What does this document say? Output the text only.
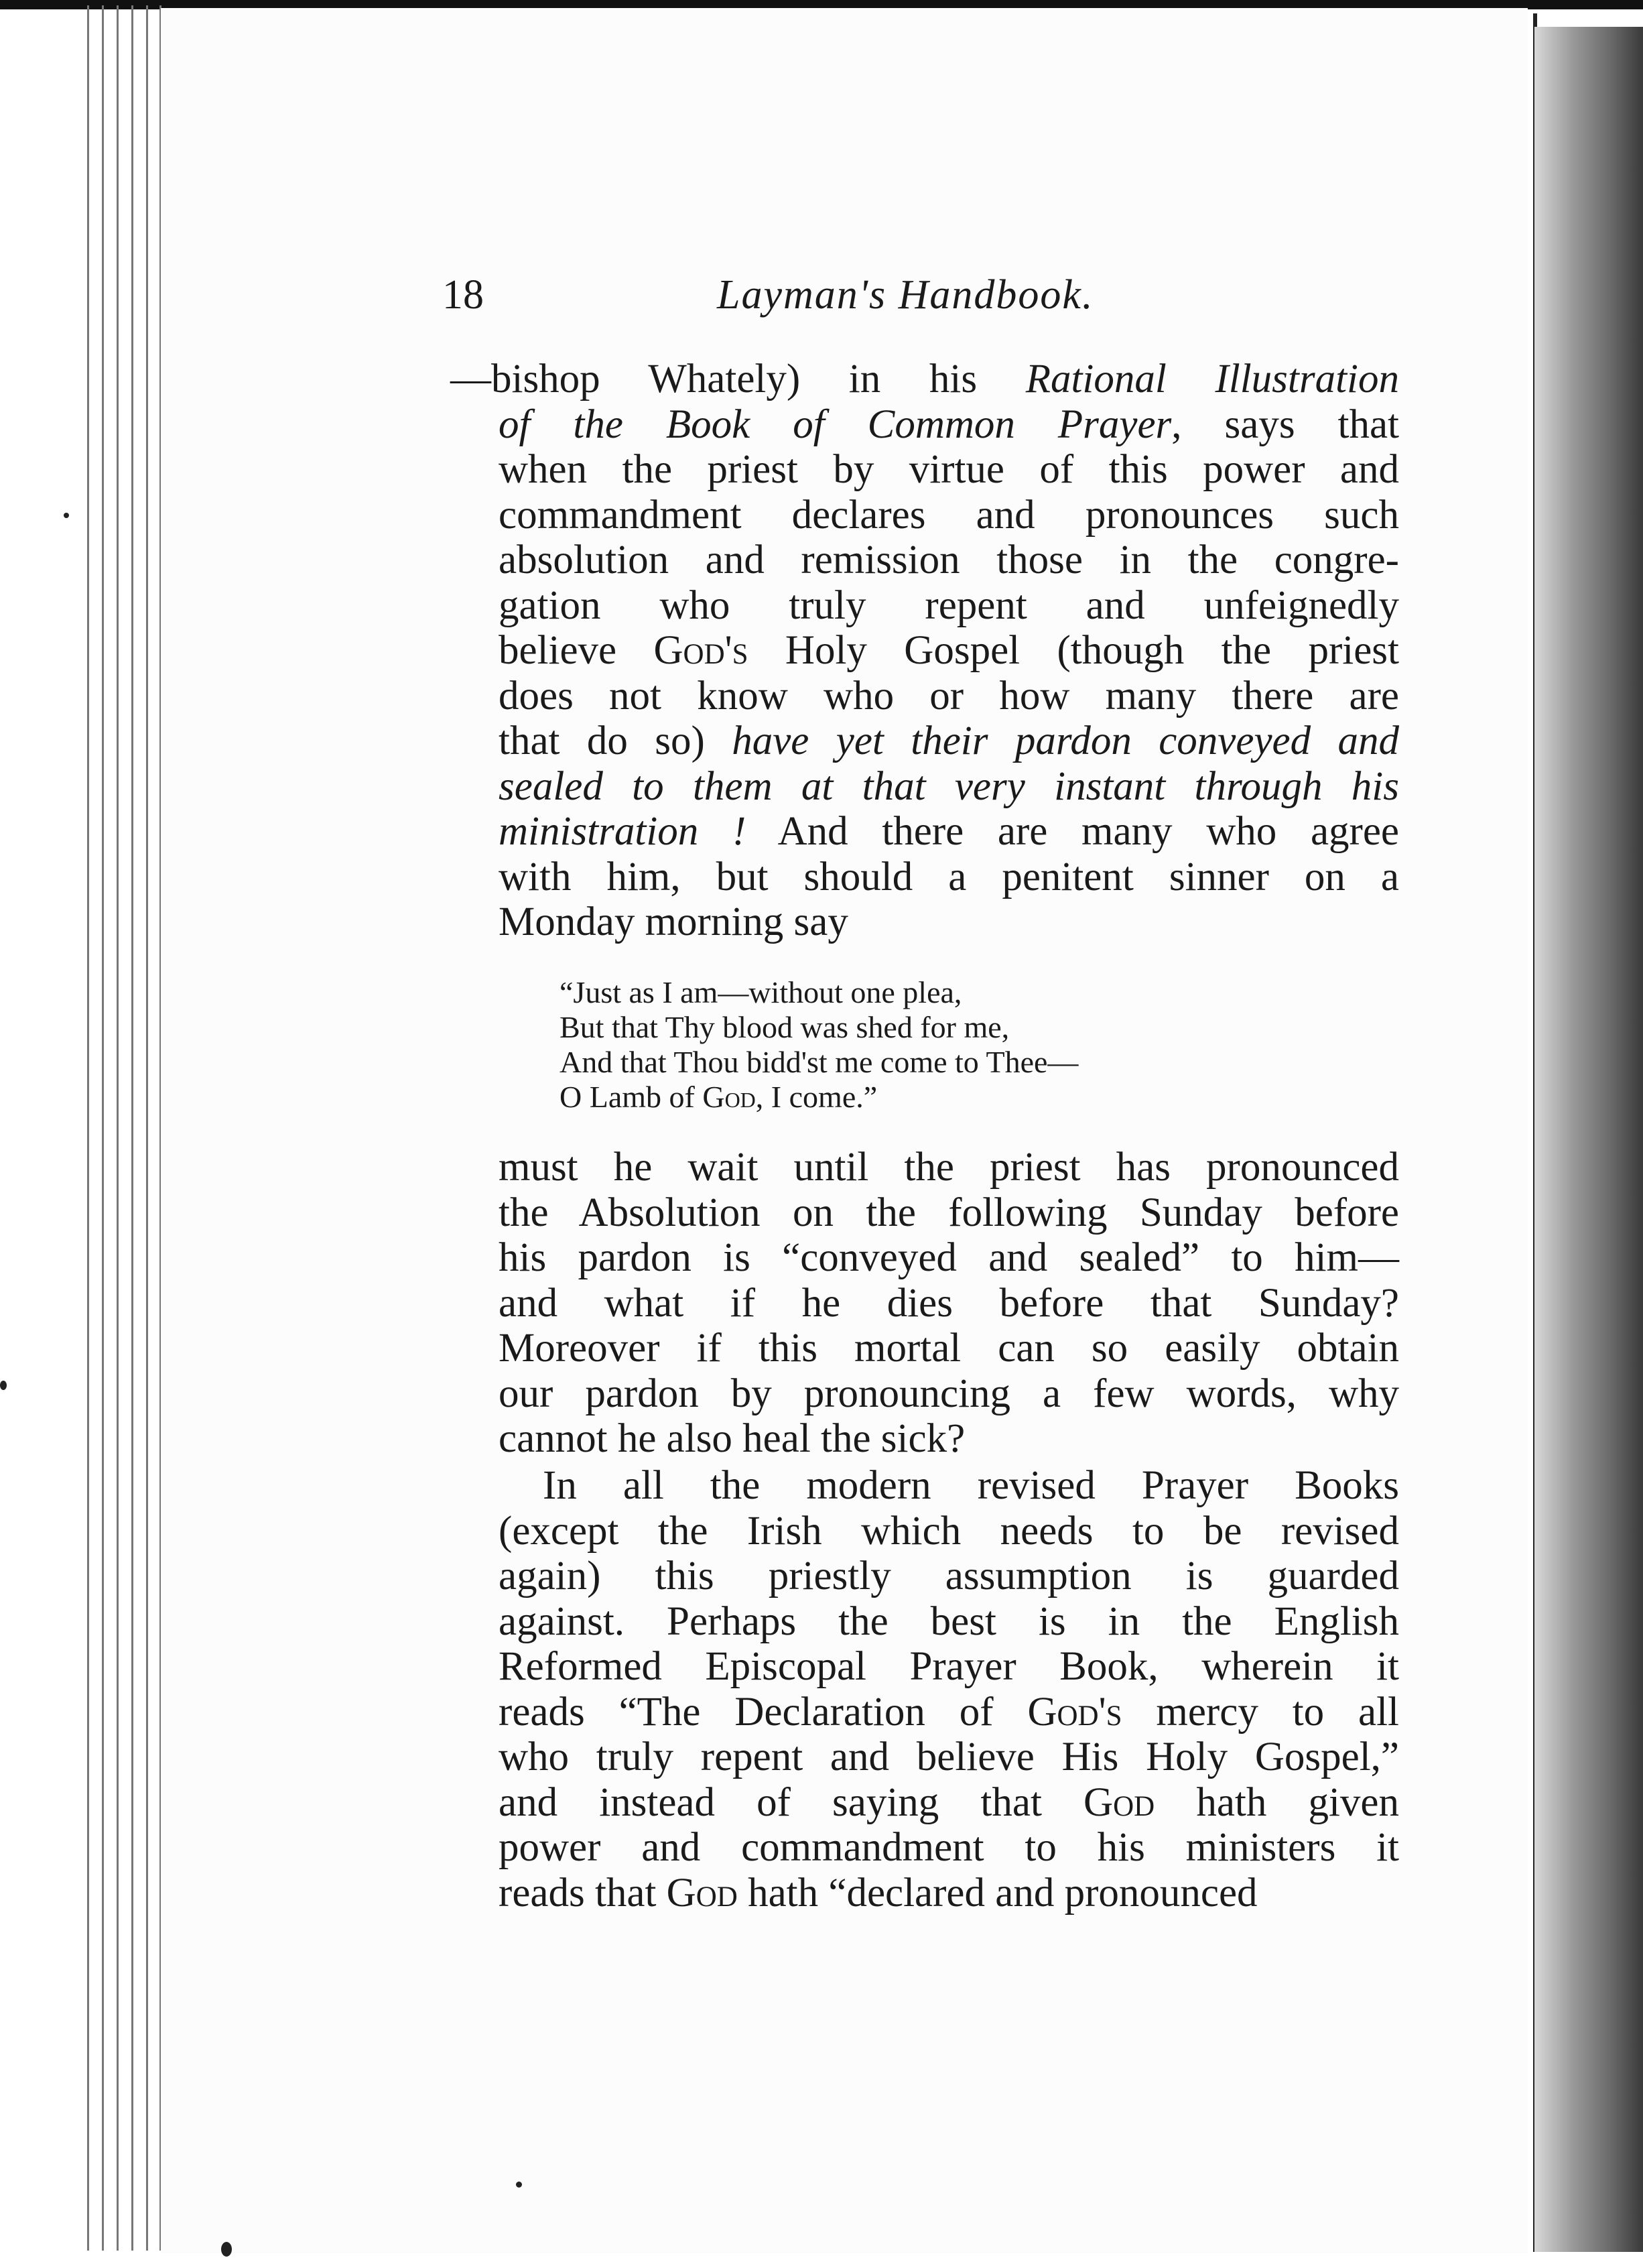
18	Layman's Handbook.
—bishop Whately) in his Rational Illustration
of the Book of Common Prayer, says that
when the priest by virtue of this power and
commandment declares and pronounces such
absolution and remission those in the congre-
gation who truly repent and unfeignedly
believe God's Holy Gospel (though the priest
does not know who or how many there are
that do so) have yet their pardon conveyed and
sealed to them at that very instant through his
ministration ! And there are many who agree
with him, but should a penitent sinner on a
Monday morning say
“Just as I am—without one plea,
But that Thy blood was shed for me,
And that Thou bidd'st me come to Thee—
O Lamb of God, I come.”
must he wait until the priest has pronounced
the Absolution on the following Sunday before
his pardon is “conveyed and sealed” to him—
and what if he dies before that Sunday?
Moreover if this mortal can so easily obtain
our pardon by pronouncing a few words, why
cannot he also heal the sick?
In all the modern revised Prayer Books
(except the Irish which needs to be revised
again) this priestly assumption is guarded
against. Perhaps the best is in the English
Reformed Episcopal Prayer Book, wherein it
reads “The Declaration of God's mercy to all
who truly repent and believe His Holy Gospel,”
and instead of saying that God hath given
power and commandment to his ministers it
reads that God hath “declared and pronounced
